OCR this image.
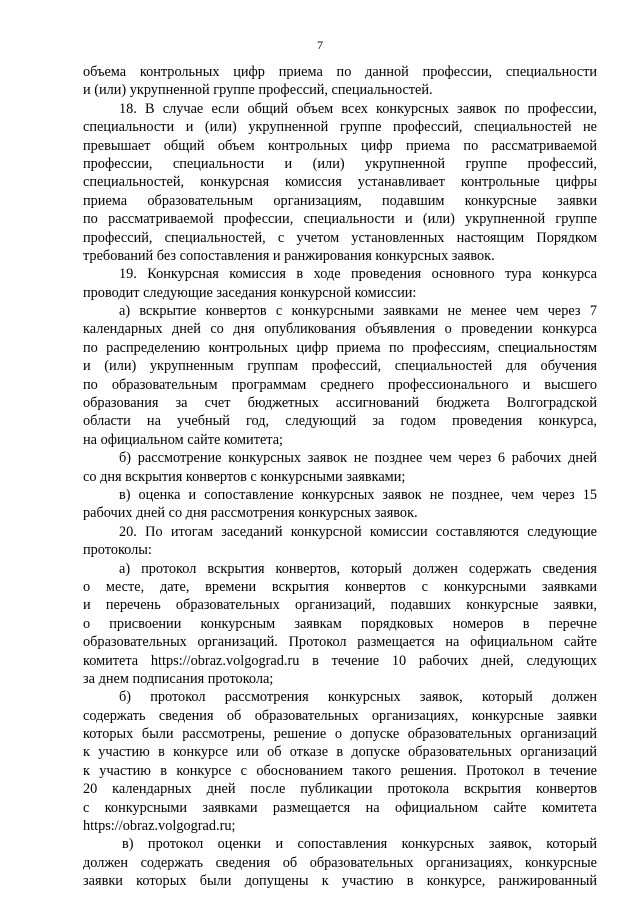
7
объема контрольных цифр приема по данной профессии, специальности
и (или) укрупненной группе профессий, специальностей.
18. В случае если общий объем всех конкурсных заявок по профессии,
специальности и (или) укрупненной группе профессий, специальностей не
превышает общий объем контрольных цифр приема по рассматриваемой
профессии, специальности и (или) укрупненной группе профессий,
специальностей, конкурсная комиссия устанавливает контрольные цифры
приема образовательным организациям, подавшим конкурсные заявки
по рассматриваемой профессии, специальности и (или) укрупненной группе
профессий, специальностей, с учетом установленных настоящим Порядком
требований без сопоставления и ранжирования конкурсных заявок.
19. Конкурсная комиссия в ходе проведения основного тура конкурса
проводит следующие заседания конкурсной комиссии:
а) вскрытие конвертов с конкурсными заявками не менее чем через 7
календарных дней со дня опубликования объявления о проведении конкурса
по распределению контрольных цифр приема по профессиям, специальностям
и (или) укрупненным группам профессий, специальностей для обучения
по образовательным программам среднего профессионального и высшего
образования за счет бюджетных ассигнований бюджета Волгоградской
области на учебный год, следующий за годом проведения конкурса,
на официальном сайте комитета;
б) рассмотрение конкурсных заявок не позднее чем через 6 рабочих дней
со дня вскрытия конвертов с конкурсными заявками;
в) оценка и сопоставление конкурсных заявок не позднее, чем через 15
рабочих дней со дня рассмотрения конкурсных заявок.
20. По итогам заседаний конкурсной комиссии составляются следующие
протоколы:
а) протокол вскрытия конвертов, который должен содержать сведения
о месте, дате, времени вскрытия конвертов с конкурсными заявками
и перечень образовательных организаций, подавших конкурсные заявки,
о присвоении конкурсным заявкам порядковых номеров в перечне
образовательных организаций. Протокол размещается на официальном сайте
комитета https://obraz.volgograd.ru в течение 10 рабочих дней, следующих
за днем подписания протокола;
б) протокол рассмотрения конкурсных заявок, который должен
содержать сведения об образовательных организациях, конкурсные заявки
которых были рассмотрены, решение о допуске образовательных организаций
к участию в конкурсе или об отказе в допуске образовательных организаций
к участию в конкурсе с обоснованием такого решения. Протокол в течение
20 календарных дней после публикации протокола вскрытия конвертов
с конкурсными заявками размещается на официальном сайте комитета
https://obraz.volgograd.ru;
в) протокол оценки и сопоставления конкурсных заявок, который
должен содержать сведения об образовательных организациях, конкурсные
заявки которых были допущены к участию в конкурсе, ранжированный
